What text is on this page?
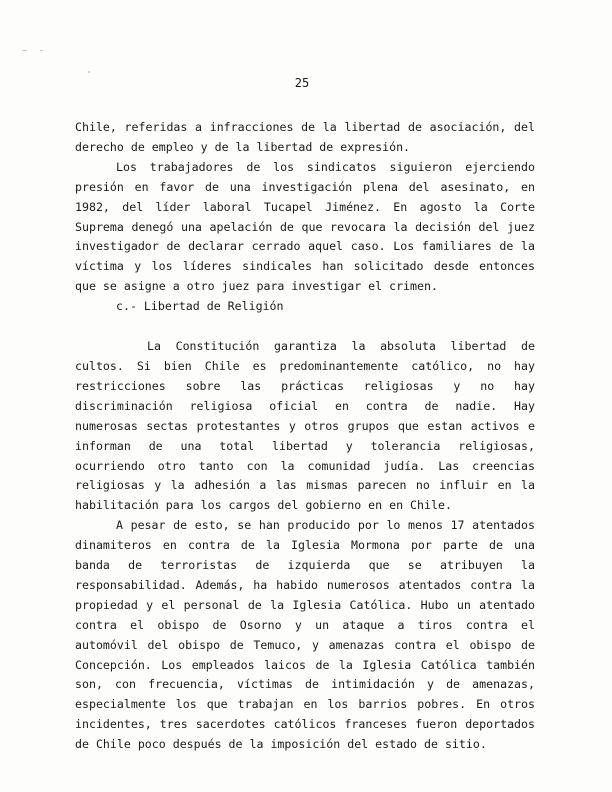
25

Chile, referidas a infracciones de la libertad de asociación, del derecho de empleo y de la libertad de expresión.

Los trabajadores de los sindicatos siguieron ejerciendo presión en favor de una investigación plena del asesinato, en 1982, del líder laboral Tucapel Jiménez. En agosto la Corte Suprema denegó una apelación de que revocara la decisión del juez investigador de declarar cerrado aquel caso. Los familiares de la víctima y los líderes sindicales han solicitado desde entonces que se asigne a otro juez para investigar el crimen.

c.- Libertad de Religión

La Constitución garantiza la absoluta libertad de cultos. Si bien Chile es predominantemente católico, no hay restricciones sobre las prácticas religiosas y no hay discriminación religiosa oficial en contra de nadie. Hay numerosas sectas protestantes y otros grupos que estan activos e informan de una total libertad y tolerancia religiosas, ocurriendo otro tanto con la comunidad judía. Las creencias religiosas y la adhesión a las mismas parecen no influir en la habilitación para los cargos del gobierno en en Chile.

A pesar de esto, se han producido por lo menos 17 atentados dinamiteros en contra de la Iglesia Mormona por parte de una banda de terroristas de izquierda que se atribuyen la responsabilidad. Además, ha habido numerosos atentados contra la propiedad y el personal de la Iglesia Católica. Hubo un atentado contra el obispo de Osorno y un ataque a tiros contra el automóvil del obispo de Temuco, y amenazas contra el obispo de Concepción. Los empleados laicos de la Iglesia Católica también son, con frecuencia, víctimas de intimidación y de amenazas, especialmente los que trabajan en los barrios pobres. En otros incidentes, tres sacerdotes católicos franceses fueron deportados de Chile poco después de la imposición del estado de sitio.
